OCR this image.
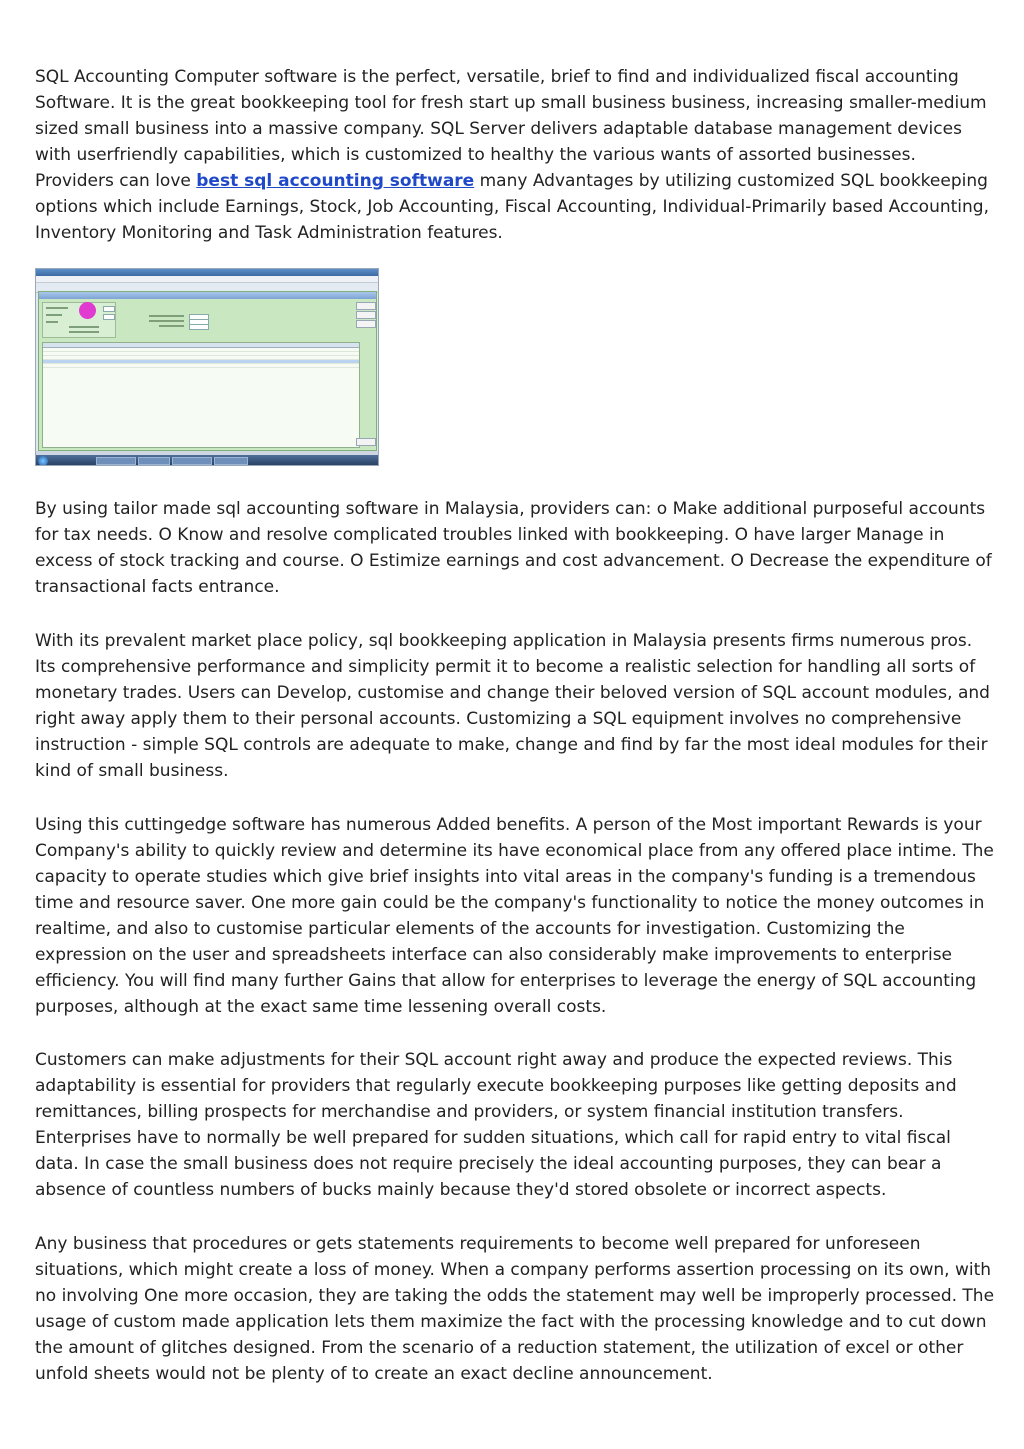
SQL Accounting Computer software is the perfect, versatile, brief to find and individualized fiscal accounting Software. It is the great bookkeeping tool for fresh start up small business business, increasing smaller-medium sized small business into a massive company. SQL Server delivers adaptable database management devices with userfriendly capabilities, which is customized to healthy the various wants of assorted businesses. Providers can love best sql accounting software many Advantages by utilizing customized SQL bookkeeping options which include Earnings, Stock, Job Accounting, Fiscal Accounting, Individual-Primarily based Accounting, Inventory Monitoring and Task Administration features.

By using tailor made sql accounting software in Malaysia, providers can: o Make additional purposeful accounts for tax needs. O Know and resolve complicated troubles linked with bookkeeping. O have larger Manage in excess of stock tracking and course. O Estimize earnings and cost advancement. O Decrease the expenditure of transactional facts entrance.

With its prevalent market place policy, sql bookkeeping application in Malaysia presents firms numerous pros. Its comprehensive performance and simplicity permit it to become a realistic selection for handling all sorts of monetary trades. Users can Develop, customise and change their beloved version of SQL account modules, and right away apply them to their personal accounts. Customizing a SQL equipment involves no comprehensive instruction - simple SQL controls are adequate to make, change and find by far the most ideal modules for their kind of small business.

Using this cuttingedge software has numerous Added benefits. A person of the Most important Rewards is your Company's ability to quickly review and determine its have economical place from any offered place intime. The capacity to operate studies which give brief insights into vital areas in the company's funding is a tremendous time and resource saver. One more gain could be the company's functionality to notice the money outcomes in realtime, and also to customise particular elements of the accounts for investigation. Customizing the expression on the user and spreadsheets interface can also considerably make improvements to enterprise efficiency. You will find many further Gains that allow for enterprises to leverage the energy of SQL accounting purposes, although at the exact same time lessening overall costs.

Customers can make adjustments for their SQL account right away and produce the expected reviews. This adaptability is essential for providers that regularly execute bookkeeping purposes like getting deposits and remittances, billing prospects for merchandise and providers, or system financial institution transfers. Enterprises have to normally be well prepared for sudden situations, which call for rapid entry to vital fiscal data. In case the small business does not require precisely the ideal accounting purposes, they can bear a absence of countless numbers of bucks mainly because they'd stored obsolete or incorrect aspects.

Any business that procedures or gets statements requirements to become well prepared for unforeseen situations, which might create a loss of money. When a company performs assertion processing on its own, with no involving One more occasion, they are taking the odds the statement may well be improperly processed. The usage of custom made application lets them maximize the fact with the processing knowledge and to cut down the amount of glitches designed. From the scenario of a reduction statement, the utilization of excel or other unfold sheets would not be plenty of to create an exact decline announcement.
